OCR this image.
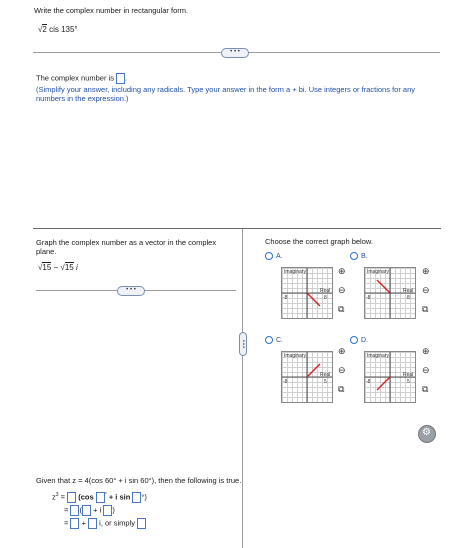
Write the complex number in rectangular form.
√2 cis 135°
• • •
The complex number is .
(Simplify your answer, including any radicals. Type your answer in the form a + bi. Use integers or fractions for any numbers in the expression.)
Graph the complex number as a vector in the complex plane.
√15 − √15 i
• • •
• • •
Choose the correct graph below.
A.
Imaginary
Real
-8	8
⊕
⊖
⧉
B.
Imaginary
Real
-8	8
⊕
⊖
⧉
C.
Imaginary
Real
-8	5
⊕
⊖
⧉
D.
Imaginary
Real
-8	5
⊕
⊖
⧉
⚙
Given that z = 4(cos 60° + i sin 60°), then the following is true.
$z^3 = (\cos$ ° + i sin °)
= ( + i )
= + i, or simply
